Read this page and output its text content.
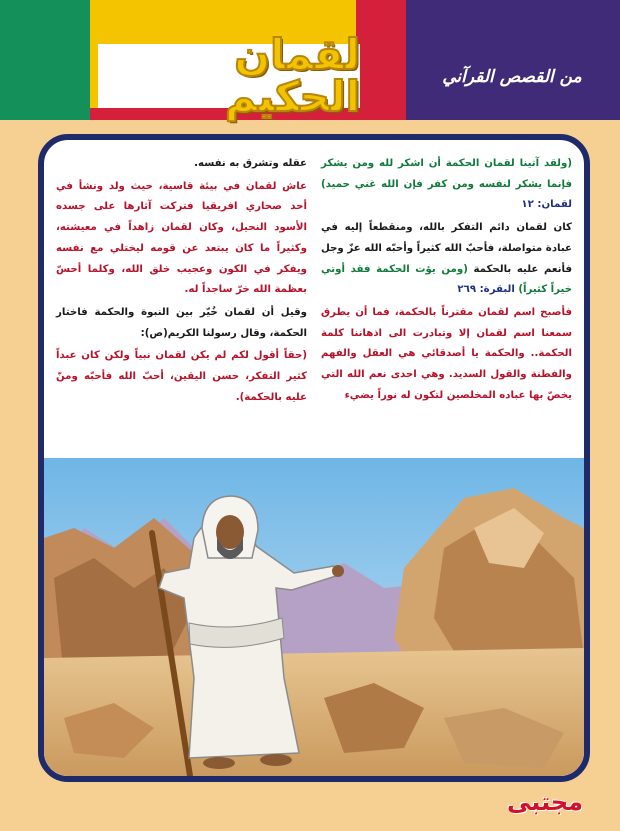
لقمان الحكيم	من القصص القرآني

(ولقد آتينا لقمان الحكمة أن اشكر لله ومن يشكر فإنما يشكر لنفسه ومن كفر فإن الله غني حميد) لقمان: ١٢

كان لقمان دائم التفكر بالله، ومنقطعاً إليه في عبادة متواصلة، فأحبّ الله كثيراً وأحبّه الله عزّ وجل فأنعم عليه بالحكمة (ومن يؤت الحكمة فقد أوتي خيراً كثيراً) البقرة: ٢٦٩

فأصبح اسم لقمان مقترناً بالحكمة، فما أن يطرق سمعنا اسم لقمان إلا وتبادرت الى اذهاننا كلمة الحكمة.. والحكمة يا أصدقائي هي العقل والفهم والفطنة والقول السديد. وهي احدى نعم الله التي يخصّ بها عباده المخلصين لتكون له نوراً يضيء

عقله وتشرق به نفسه.

عاش لقمان في بيئة قاسية، حيث ولد ونشأ في أحد صحاري افريقيا فتركت آثارها على جسده الأسود النحيل، وكان لقمان زاهداً في معيشته، وكثيراً ما كان يبتعد عن قومه ليختلي مع نفسه ويفكر في الكون وعجيب خلق الله، وكلما أحسّ بعظمة الله خرّ ساجداً له.

وقيل أن لقمان خُيّر بين النبوة والحكمة فاختار الحكمة، وقال رسولنا الكريم(ص):

(حقاً أقول لكم لم يكن لقمان نبياً ولكن كان عبداً كثير التفكر، حسن اليقين، أحبّ الله فأحبّه ومنّ عليه بالحكمة).

مجتبى
